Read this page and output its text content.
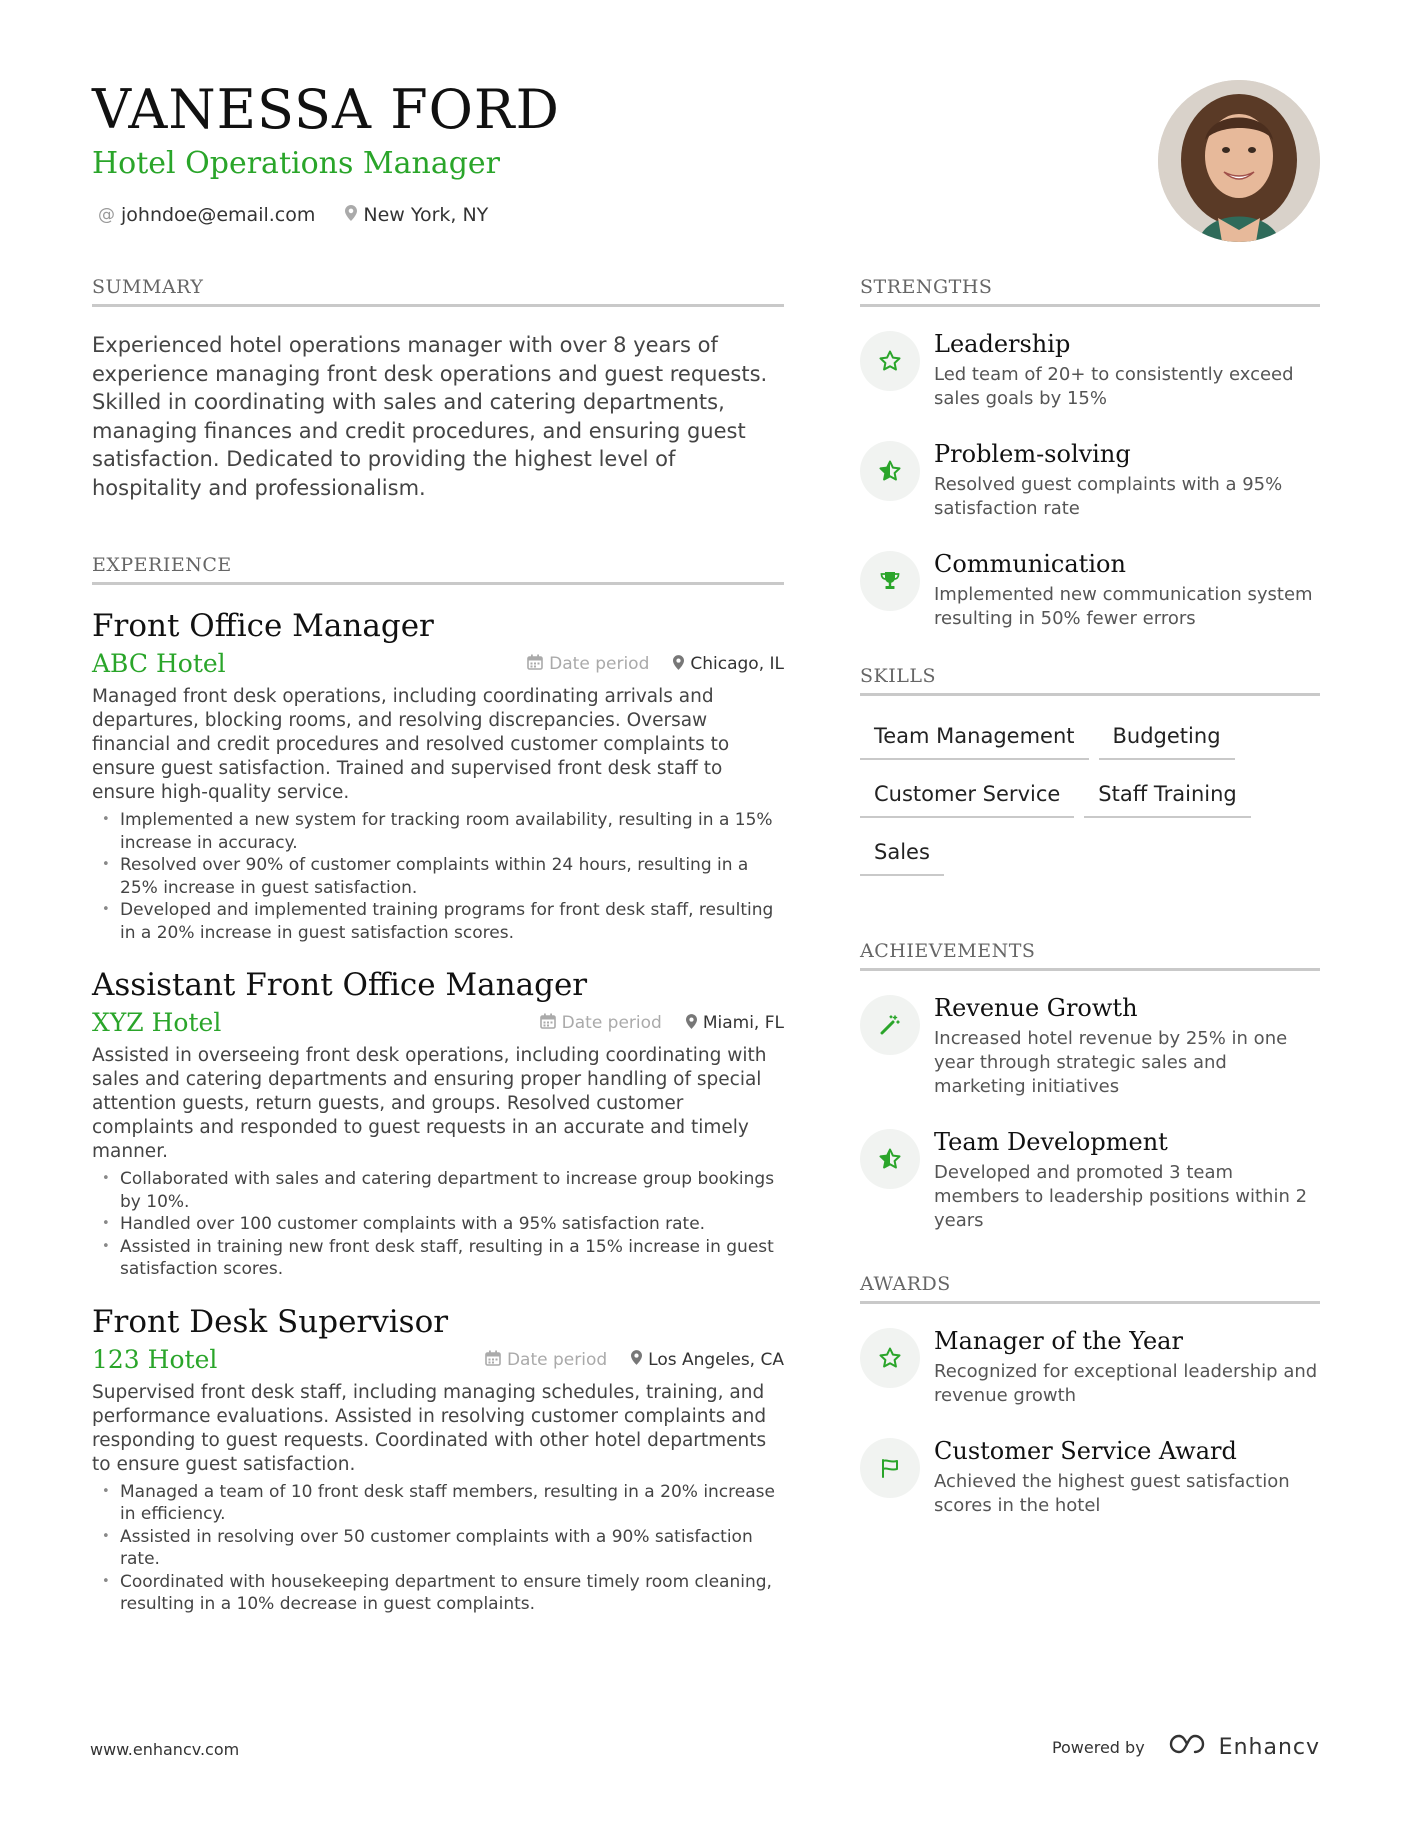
VANESSA FORD
Hotel Operations Manager
@ johndoe@email.com	New York, NY
SUMMARY
Experienced hotel operations manager with over 8 years of experience managing front desk operations and guest requests. Skilled in coordinating with sales and catering departments, managing finances and credit procedures, and ensuring guest satisfaction. Dedicated to providing the highest level of hospitality and professionalism.
EXPERIENCE
Front Office Manager
ABC Hotel	Date period Chicago, IL
Managed front desk operations, including coordinating arrivals and departures, blocking rooms, and resolving discrepancies. Oversaw financial and credit procedures and resolved customer complaints to ensure guest satisfaction. Trained and supervised front desk staff to ensure high-quality service.
• Implemented a new system for tracking room availability, resulting in a 15% increase in accuracy.
• Resolved over 90% of customer complaints within 24 hours, resulting in a 25% increase in guest satisfaction.
• Developed and implemented training programs for front desk staff, resulting in a 20% increase in guest satisfaction scores.
Assistant Front Office Manager
XYZ Hotel	Date period Miami, FL
Assisted in overseeing front desk operations, including coordinating with sales and catering departments and ensuring proper handling of special attention guests, return guests, and groups. Resolved customer complaints and responded to guest requests in an accurate and timely manner.
• Collaborated with sales and catering department to increase group bookings by 10%.
• Handled over 100 customer complaints with a 95% satisfaction rate.
• Assisted in training new front desk staff, resulting in a 15% increase in guest satisfaction scores.
Front Desk Supervisor
123 Hotel	Date period Los Angeles, CA
Supervised front desk staff, including managing schedules, training, and performance evaluations. Assisted in resolving customer complaints and responding to guest requests. Coordinated with other hotel departments to ensure guest satisfaction.
• Managed a team of 10 front desk staff members, resulting in a 20% increase in efficiency.
• Assisted in resolving over 50 customer complaints with a 90% satisfaction rate.
• Coordinated with housekeeping department to ensure timely room cleaning, resulting in a 10% decrease in guest complaints.
STRENGTHS
Leadership
Led team of 20+ to consistently exceed sales goals by 15%
Problem-solving
Resolved guest complaints with a 95% satisfaction rate
Communication
Implemented new communication system resulting in 50% fewer errors
SKILLS
Team Management	Budgeting
Customer Service	Staff Training
Sales
ACHIEVEMENTS
Revenue Growth
Increased hotel revenue by 25% in one year through strategic sales and marketing initiatives
Team Development
Developed and promoted 3 team members to leadership positions within 2 years
AWARDS
Manager of the Year
Recognized for exceptional leadership and revenue growth
Customer Service Award
Achieved the highest guest satisfaction scores in the hotel
www.enhancv.com	Powered by	Enhancv
